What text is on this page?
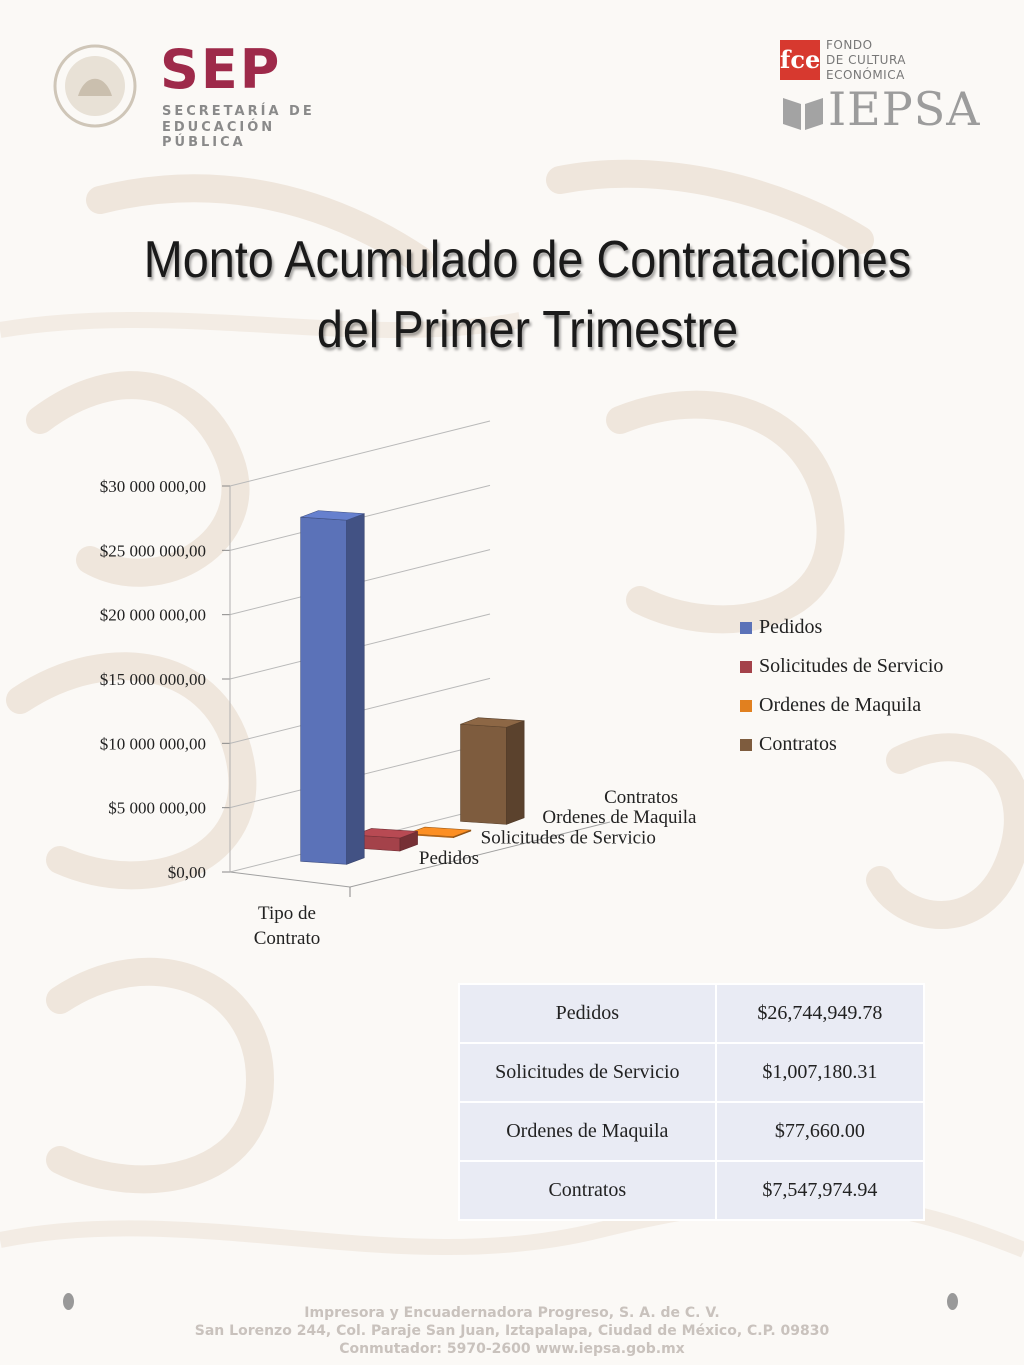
SEP
SECRETARÍA DE
EDUCACIÓN PÚBLICA
fce FONDO
DE CULTURA
ECONÓMICA
IEPSA
Monto Acumulado de Contrataciones
del Primer Trimestre
$0,00
$5 000 000,00
$10 000 000,00
$15 000 000,00
$20 000 000,00
$25 000 000,00
$30 000 000,00
Pedidos
Solicitudes de Servicio
Ordenes de Maquila
Contratos
Tipo de
Contrato
Pedidos
Solicitudes de Servicio
Ordenes de Maquila
Contratos
Pedidos	$26,744,949.78
Solicitudes de Servicio	$1,007,180.31
Ordenes de Maquila	$77,660.00
Contratos	$7,547,974.94
Impresora y Encuadernadora Progreso, S. A. de C. V.
San Lorenzo 244, Col. Paraje San Juan, Iztapalapa, Ciudad de México, C.P. 09830
Conmutador: 5970-2600 www.iepsa.gob.mx
